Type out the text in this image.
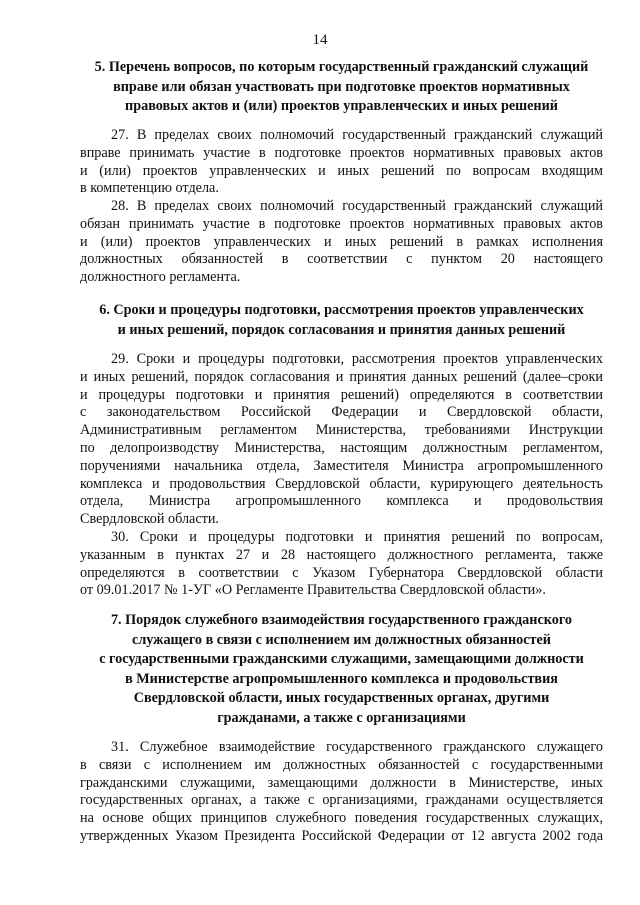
14
5. Перечень вопросов, по которым государственный гражданский служащий
вправе или обязан участвовать при подготовке проектов нормативных
правовых актов и (или) проектов управленческих и иных решений
27. В пределах своих полномочий государственный гражданский служащий
вправе принимать участие в подготовке проектов нормативных правовых актов
и (или) проектов управленческих и иных решений по вопросам входящим
в компетенцию отдела.
28. В пределах своих полномочий государственный гражданский служащий
обязан принимать участие в подготовке проектов нормативных правовых актов
и (или) проектов управленческих и иных решений в рамках исполнения
должностных обязанностей в соответствии с пунктом 20 настоящего
должностного регламента.
6. Сроки и процедуры подготовки, рассмотрения проектов управленческих
и иных решений, порядок согласования и принятия данных решений
29. Сроки и процедуры подготовки, рассмотрения проектов управленческих
и иных решений, порядок согласования и принятия данных решений (далее–сроки
и процедуры подготовки и принятия решений) определяются в соответствии
с законодательством Российской Федерации и Свердловской области,
Административным регламентом Министерства, требованиями Инструкции
по делопроизводству Министерства, настоящим должностным регламентом,
поручениями начальника отдела, Заместителя Министра агропромышленного
комплекса и продовольствия Свердловской области, курирующего деятельность
отдела, Министра агропромышленного комплекса и продовольствия
Свердловской области.
30. Сроки и процедуры подготовки и принятия решений по вопросам,
указанным в пунктах 27 и 28 настоящего должностного регламента, также
определяются в соответствии с Указом Губернатора Свердловской области
от 09.01.2017 № 1-УГ «О Регламенте Правительства Свердловской области».
7. Порядок служебного взаимодействия государственного гражданского
служащего в связи с исполнением им должностных обязанностей
с государственными гражданскими служащими, замещающими должности
в Министерстве агропромышленного комплекса и продовольствия
Свердловской области, иных государственных органах, другими
гражданами, а также с организациями
31. Служебное взаимодействие государственного гражданского служащего
в связи с исполнением им должностных обязанностей с государственными
гражданскими служащими, замещающими должности в Министерстве, иных
государственных органах, а также с организациями, гражданами осуществляется
на основе общих принципов служебного поведения государственных служащих,
утвержденных Указом Президента Российской Федерации от 12 августа 2002 года
